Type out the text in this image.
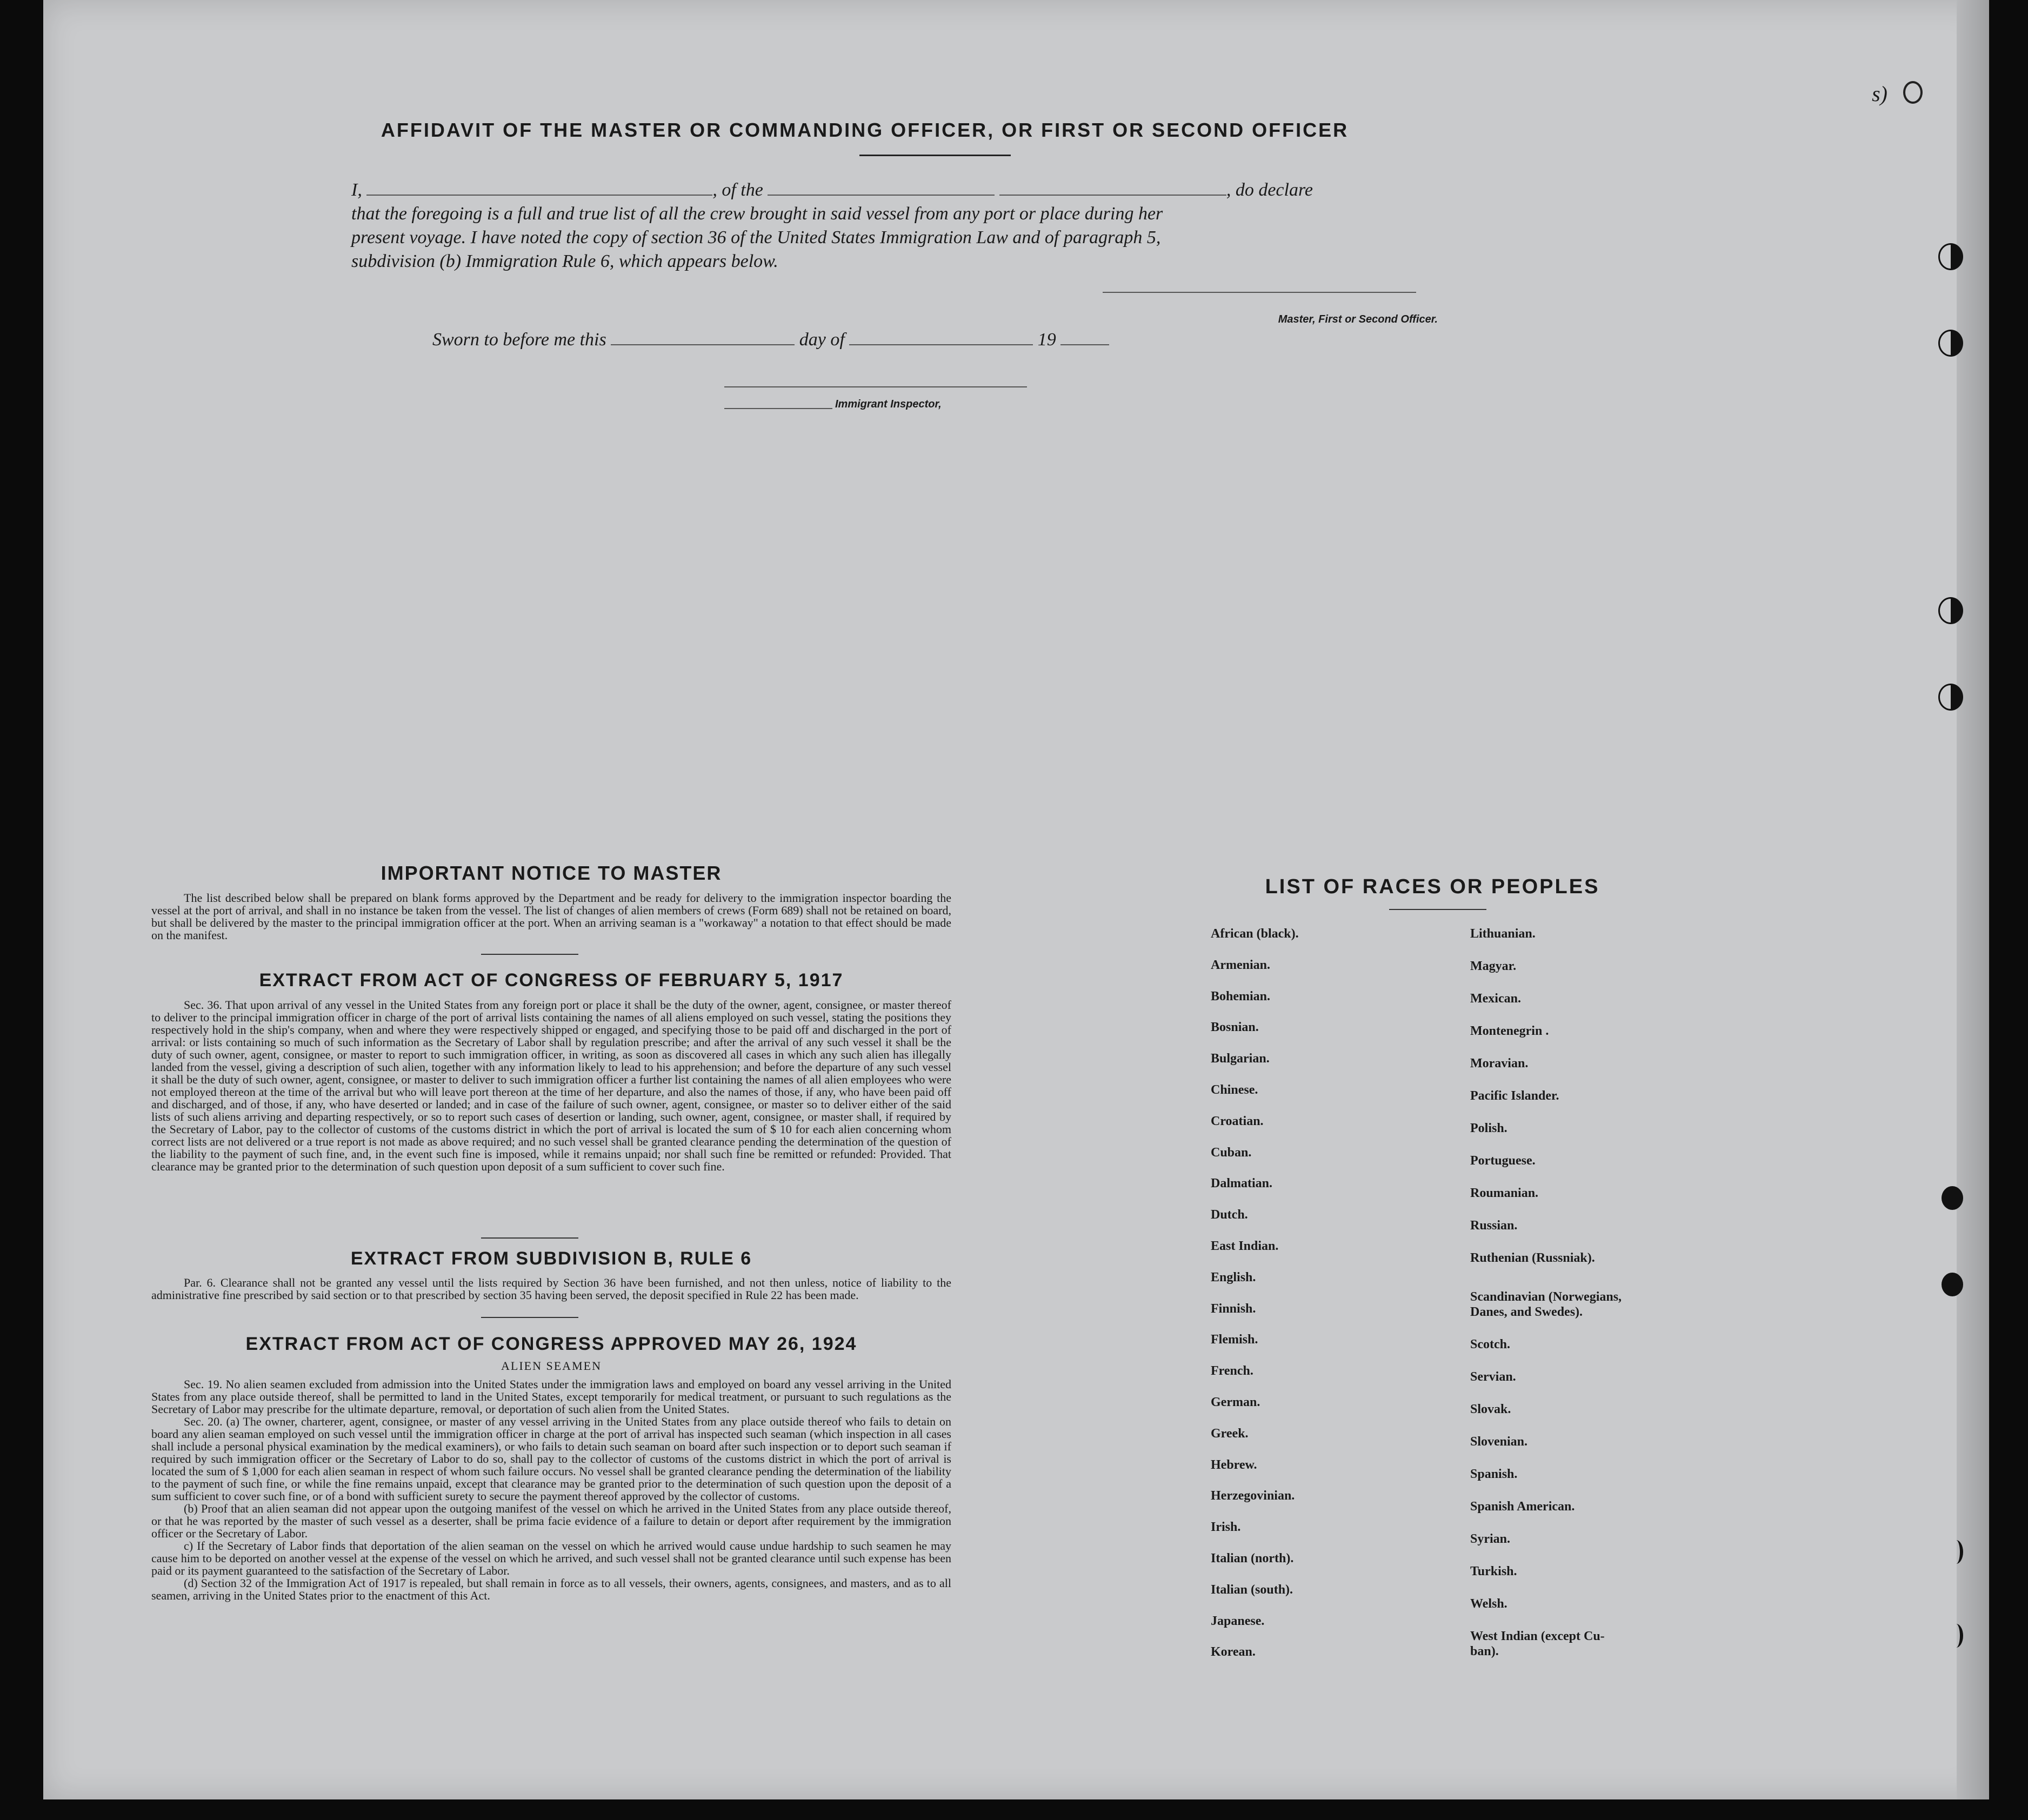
s)
AFFIDAVIT OF THE MASTER OR COMMANDING OFFICER, OR FIRST OR SECOND OFFICER
I,	, of the	, do declare
that the foregoing is a full and true list of all the crew brought in said vessel from any port or place during her
present voyage. I have noted the copy of section 36 of the United States Immigration Law and of paragraph 5,
subdivision (b) Immigration Rule 6, which appears below.
Master, First or Second Officer.
Sworn to before me this	day of	19
Immigrant Inspector,
IMPORTANT NOTICE TO MASTER

The list described below shall be prepared on blank forms approved by the Department and be ready for delivery to the immigration inspector boarding the vessel at the port of arrival, and shall in no instance be taken from the vessel. The list of changes of alien members of crews (Form 689) shall not be retained on board, but shall be delivered by the master to the principal immigration officer at the port. When an arriving seaman is a "workaway" a notation to that effect should be made on the manifest.

EXTRACT FROM ACT OF CONGRESS OF FEBRUARY 5, 1917

Sec. 36. That upon arrival of any vessel in the United States from any foreign port or place it shall be the duty of the owner, agent, consignee, or master thereof to deliver to the principal immigration officer in charge of the port of arrival lists containing the names of all aliens employed on such vessel, stating the positions they respectively hold in the ship's company, when and where they were respectively shipped or engaged, and specifying those to be paid off and discharged in the port of arrival: or lists containing so much of such information as the Secretary of Labor shall by regulation prescribe; and after the arrival of any such vessel it shall be the duty of such owner, agent, consignee, or master to report to such immigration officer, in writing, as soon as discovered all cases in which any such alien has illegally landed from the vessel, giving a description of such alien, together with any information likely to lead to his apprehension; and before the departure of any such vessel it shall be the duty of such owner, agent, consignee, or master to deliver to such immigration officer a further list containing the names of all alien employees who were not employed thereon at the time of the arrival but who will leave port thereon at the time of her departure, and also the names of those, if any, who have been paid off and discharged, and of those, if any, who have deserted or landed; and in case of the failure of such owner, agent, consignee, or master so to deliver either of the said lists of such aliens arriving and departing respectively, or so to report such cases of desertion or landing, such owner, agent, consignee, or master shall, if required by the Secretary of Labor, pay to the collector of customs of the customs district in which the port of arrival is located the sum of $ 10 for each alien concerning whom correct lists are not delivered or a true report is not made as above required; and no such vessel shall be granted clearance pending the determination of the question of the liability to the payment of such fine, and, in the event such fine is imposed, while it remains unpaid; nor shall such fine be remitted or refunded: Provided. That clearance may be granted prior to the determination of such question upon deposit of a sum sufficient to cover such fine.

EXTRACT FROM SUBDIVISION B, RULE 6

Par. 6. Clearance shall not be granted any vessel until the lists required by Section 36 have been furnished, and not then unless, notice of liability to the administrative fine prescribed by said section or to that prescribed by section 35 having been served, the deposit specified in Rule 22 has been made.

EXTRACT FROM ACT OF CONGRESS APPROVED MAY 26, 1924
ALIEN SEAMEN

Sec. 19. No alien seamen excluded from admission into the United States under the immigration laws and employed on board any vessel arriving in the United States from any place outside thereof, shall be permitted to land in the United States, except temporarily for medical treatment, or pursuant to such regulations as the Secretary of Labor may prescribe for the ultimate departure, removal, or deportation of such alien from the United States.

Sec. 20. (a) The owner, charterer, agent, consignee, or master of any vessel arriving in the United States from any place outside thereof who fails to detain on board any alien seaman employed on such vessel until the immigration officer in charge at the port of arrival has inspected such seaman (which inspection in all cases shall include a personal physical examination by the medical examiners), or who fails to detain such seaman on board after such inspection or to deport such seaman if required by such immigration officer or the Secretary of Labor to do so, shall pay to the collector of customs of the customs district in which the port of arrival is located the sum of $ 1,000 for each alien seaman in respect of whom such failure occurs. No vessel shall be granted clearance pending the determination of the liability to the payment of such fine, or while the fine remains unpaid, except that clearance may be granted prior to the determination of such question upon the deposit of a sum sufficient to cover such fine, or of a bond with sufficient surety to secure the payment thereof approved by the collector of customs.

(b) Proof that an alien seaman did not appear upon the outgoing manifest of the vessel on which he arrived in the United States from any place outside thereof, or that he was reported by the master of such vessel as a deserter, shall be prima facie evidence of a failure to detain or deport after requirement by the immigration officer or the Secretary of Labor.

c) If the Secretary of Labor finds that deportation of the alien seaman on the vessel on which he arrived would cause undue hardship to such seamen he may cause him to be deported on another vessel at the expense of the vessel on which he arrived, and such vessel shall not be granted clearance until such expense has been paid or its payment guaranteed to the satisfaction of the Secretary of Labor.

(d) Section 32 of the Immigration Act of 1917 is repealed, but shall remain in force as to all vessels, their owners, agents, consignees, and masters, and as to all seamen, arriving in the United States prior to the enactment of this Act.

LIST OF RACES OR PEOPLES
African (black).
Armenian.
Bohemian.
Bosnian.
Bulgarian.
Chinese.
Croatian.
Cuban.
Dalmatian.
Dutch.
East Indian.
English.
Finnish.
Flemish.
French.
German.
Greek.
Hebrew.
Herzegovinian.
Irish.
Italian (north).
Italian (south).
Japanese.
Korean.
Lithuanian.
Magyar.
Mexican.
Montenegrin .
Moravian.
Pacific Islander.
Polish.
Portuguese.
Roumanian.
Russian.
Ruthenian (Russniak).
Scandinavian (Norwegians,
Danes, and Swedes).
Scotch.
Servian.
Slovak.
Slovenian.
Spanish.
Spanish American.
Syrian.
Turkish.
Welsh.
West Indian (except Cu-
ban).
